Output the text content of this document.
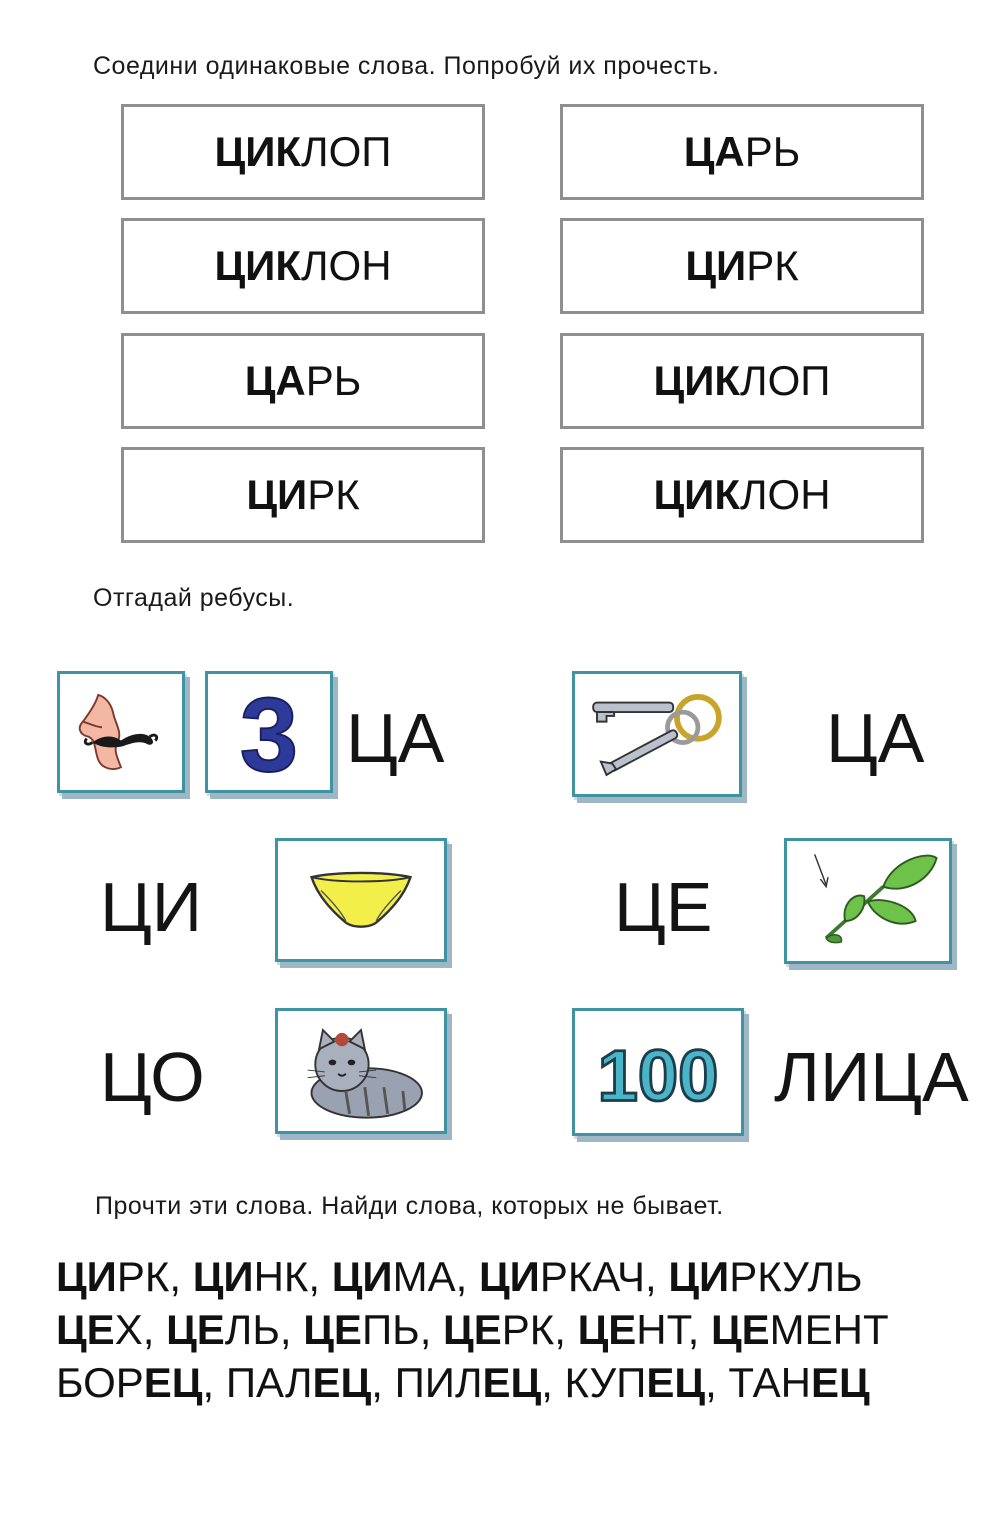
Соедини одинаковые слова. Попробуй их прочесть.
ЦИК ЛОП
ЦИК ЛОН
ЦА РЬ
ЦИ РК
ЦА РЬ
ЦИ РК
ЦИК ЛОП
ЦИК ЛОН
Отгадай ребусы.
3 ЦА	ЦА
ЦИ	ЦЕ
ЦО	100 ЛИЦА
Прочти эти слова. Найди слова, которых не бывает.
ЦИРК, ЦИНК, ЦИМА, ЦИРКАЧ, ЦИРКУЛЬ
ЦЕХ, ЦЕЛЬ, ЦЕПЬ, ЦЕРК, ЦЕНТ, ЦЕМЕНТ
БОРЕЦ, ПАЛЕЦ, ПИЛЕЦ, КУПЕЦ, ТАНЕЦ
